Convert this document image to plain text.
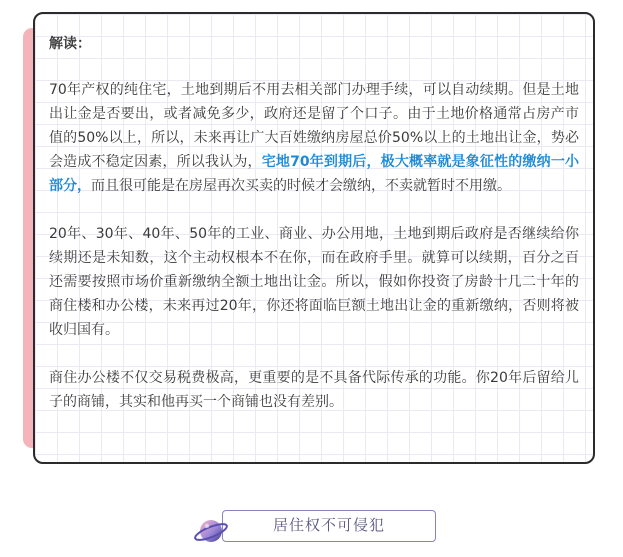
解读：

70年产权的纯住宅，土地到期后不用去相关部门办理手续，可以自动续期。但是土地出让金是否要出，或者减免多少，政府还是留了个口子。由于土地价格通常占房产市值的50%以上，所以，未来再让广大百姓缴纳房屋总价50%以上的土地出让金，势必会造成不稳定因素，所以我认为，宅地70年到期后，极大概率就是象征性的缴纳一小部分，而且很可能是在房屋再次买卖的时候才会缴纳，不卖就暂时不用缴。

20年、30年、40年、50年的工业、商业、办公用地，土地到期后政府是否继续给你续期还是未知数，这个主动权根本不在你，而在政府手里。就算可以续期，百分之百还需要按照市场价重新缴纳全额土地出让金。所以，假如你投资了房龄十几二十年的商住楼和办公楼，未来再过20年，你还将面临巨额土地出让金的重新缴纳，否则将被收归国有。

商住办公楼不仅交易税费极高，更重要的是不具备代际传承的功能。你20年后留给儿子的商铺，其实和他再买一个商铺也没有差别。

居住权不可侵犯
